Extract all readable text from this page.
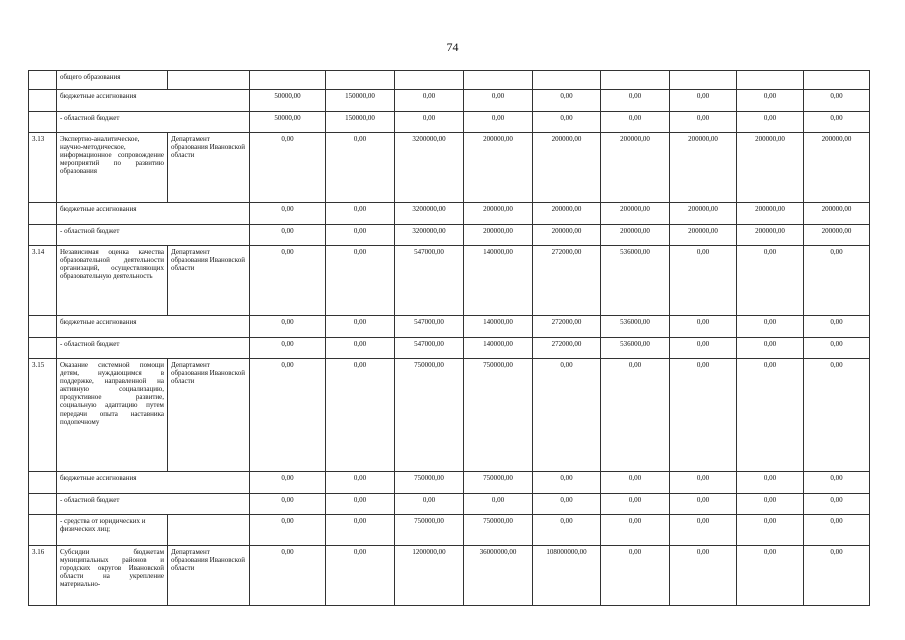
74
	общего образования										
	бюджетные ассигнования		50000,00	150000,00	0,00	0,00	0,00	0,00	0,00	0,00	0,00
	- областной бюджет		50000,00	150000,00	0,00	0,00	0,00	0,00	0,00	0,00	0,00
3.13	Экспертно-аналитическое, научно-методическое, информационное сопровождение мероприятий по развитию образования	Департамент образования Ивановской области	0,00	0,00	3200000,00	200000,00	200000,00	200000,00	200000,00	200000,00	200000,00
	бюджетные ассигнования		0,00	0,00	3200000,00	200000,00	200000,00	200000,00	200000,00	200000,00	200000,00
	- областной бюджет		0,00	0,00	3200000,00	200000,00	200000,00	200000,00	200000,00	200000,00	200000,00
3.14	Независимая оценка качества образовательной деятельности организаций, осуществляющих образовательную деятельность	Департамент образования Ивановской области	0,00	0,00	547000,00	140000,00	272000,00	536000,00	0,00	0,00	0,00
	бюджетные ассигнования		0,00	0,00	547000,00	140000,00	272000,00	536000,00	0,00	0,00	0,00
	- областной бюджет		0,00	0,00	547000,00	140000,00	272000,00	536000,00	0,00	0,00	0,00
3.15	Оказание системной помощи детям, нуждающимся в поддержке, направленной на активную социализацию, продуктивное развитие, социальную адаптацию путем передачи опыта наставника подопечному	Департамент образования Ивановской области	0,00	0,00	750000,00	750000,00	0,00	0,00	0,00	0,00	0,00
	бюджетные ассигнования		0,00	0,00	750000,00	750000,00	0,00	0,00	0,00	0,00	0,00
	- областной бюджет		0,00	0,00	0,00	0,00	0,00	0,00	0,00	0,00	0,00
	- средства от юридических и физических лиц;		0,00	0,00	750000,00	750000,00	0,00	0,00	0,00	0,00	0,00
3.16	Субсидии бюджетам муниципальных районов и городских округов Ивановской области на укрепление материально-	Департамент образования Ивановской области	0,00	0,00	1200000,00	36000000,00	108000000,00	0,00	0,00	0,00	0,00
